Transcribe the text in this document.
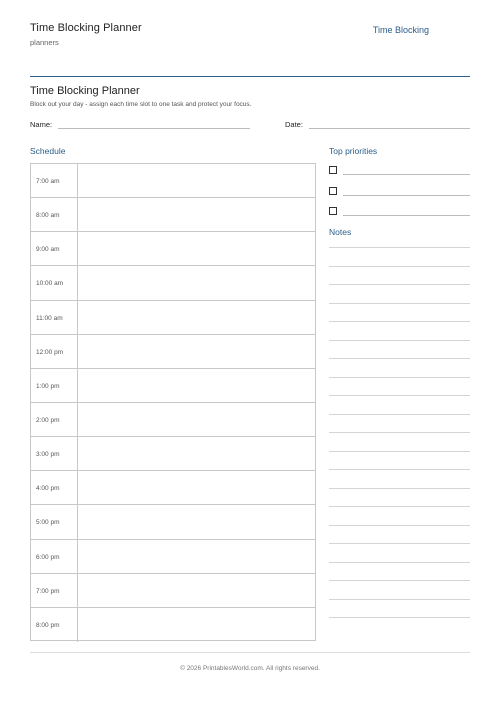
Time Blocking Planner
planners
Time Blocking
Time Blocking Planner
Block out your day - assign each time slot to one task and protect your focus.
Name:	Date:
Schedule
7:00 am
8:00 am
9:00 am
10:00 am
11:00 am
12:00 pm
1:00 pm
2:00 pm
3:00 pm
4:00 pm
5:00 pm
6:00 pm
7:00 pm
8:00 pm
Top priorities
Notes
© 2026 PrintablesWorld.com. All rights reserved.
